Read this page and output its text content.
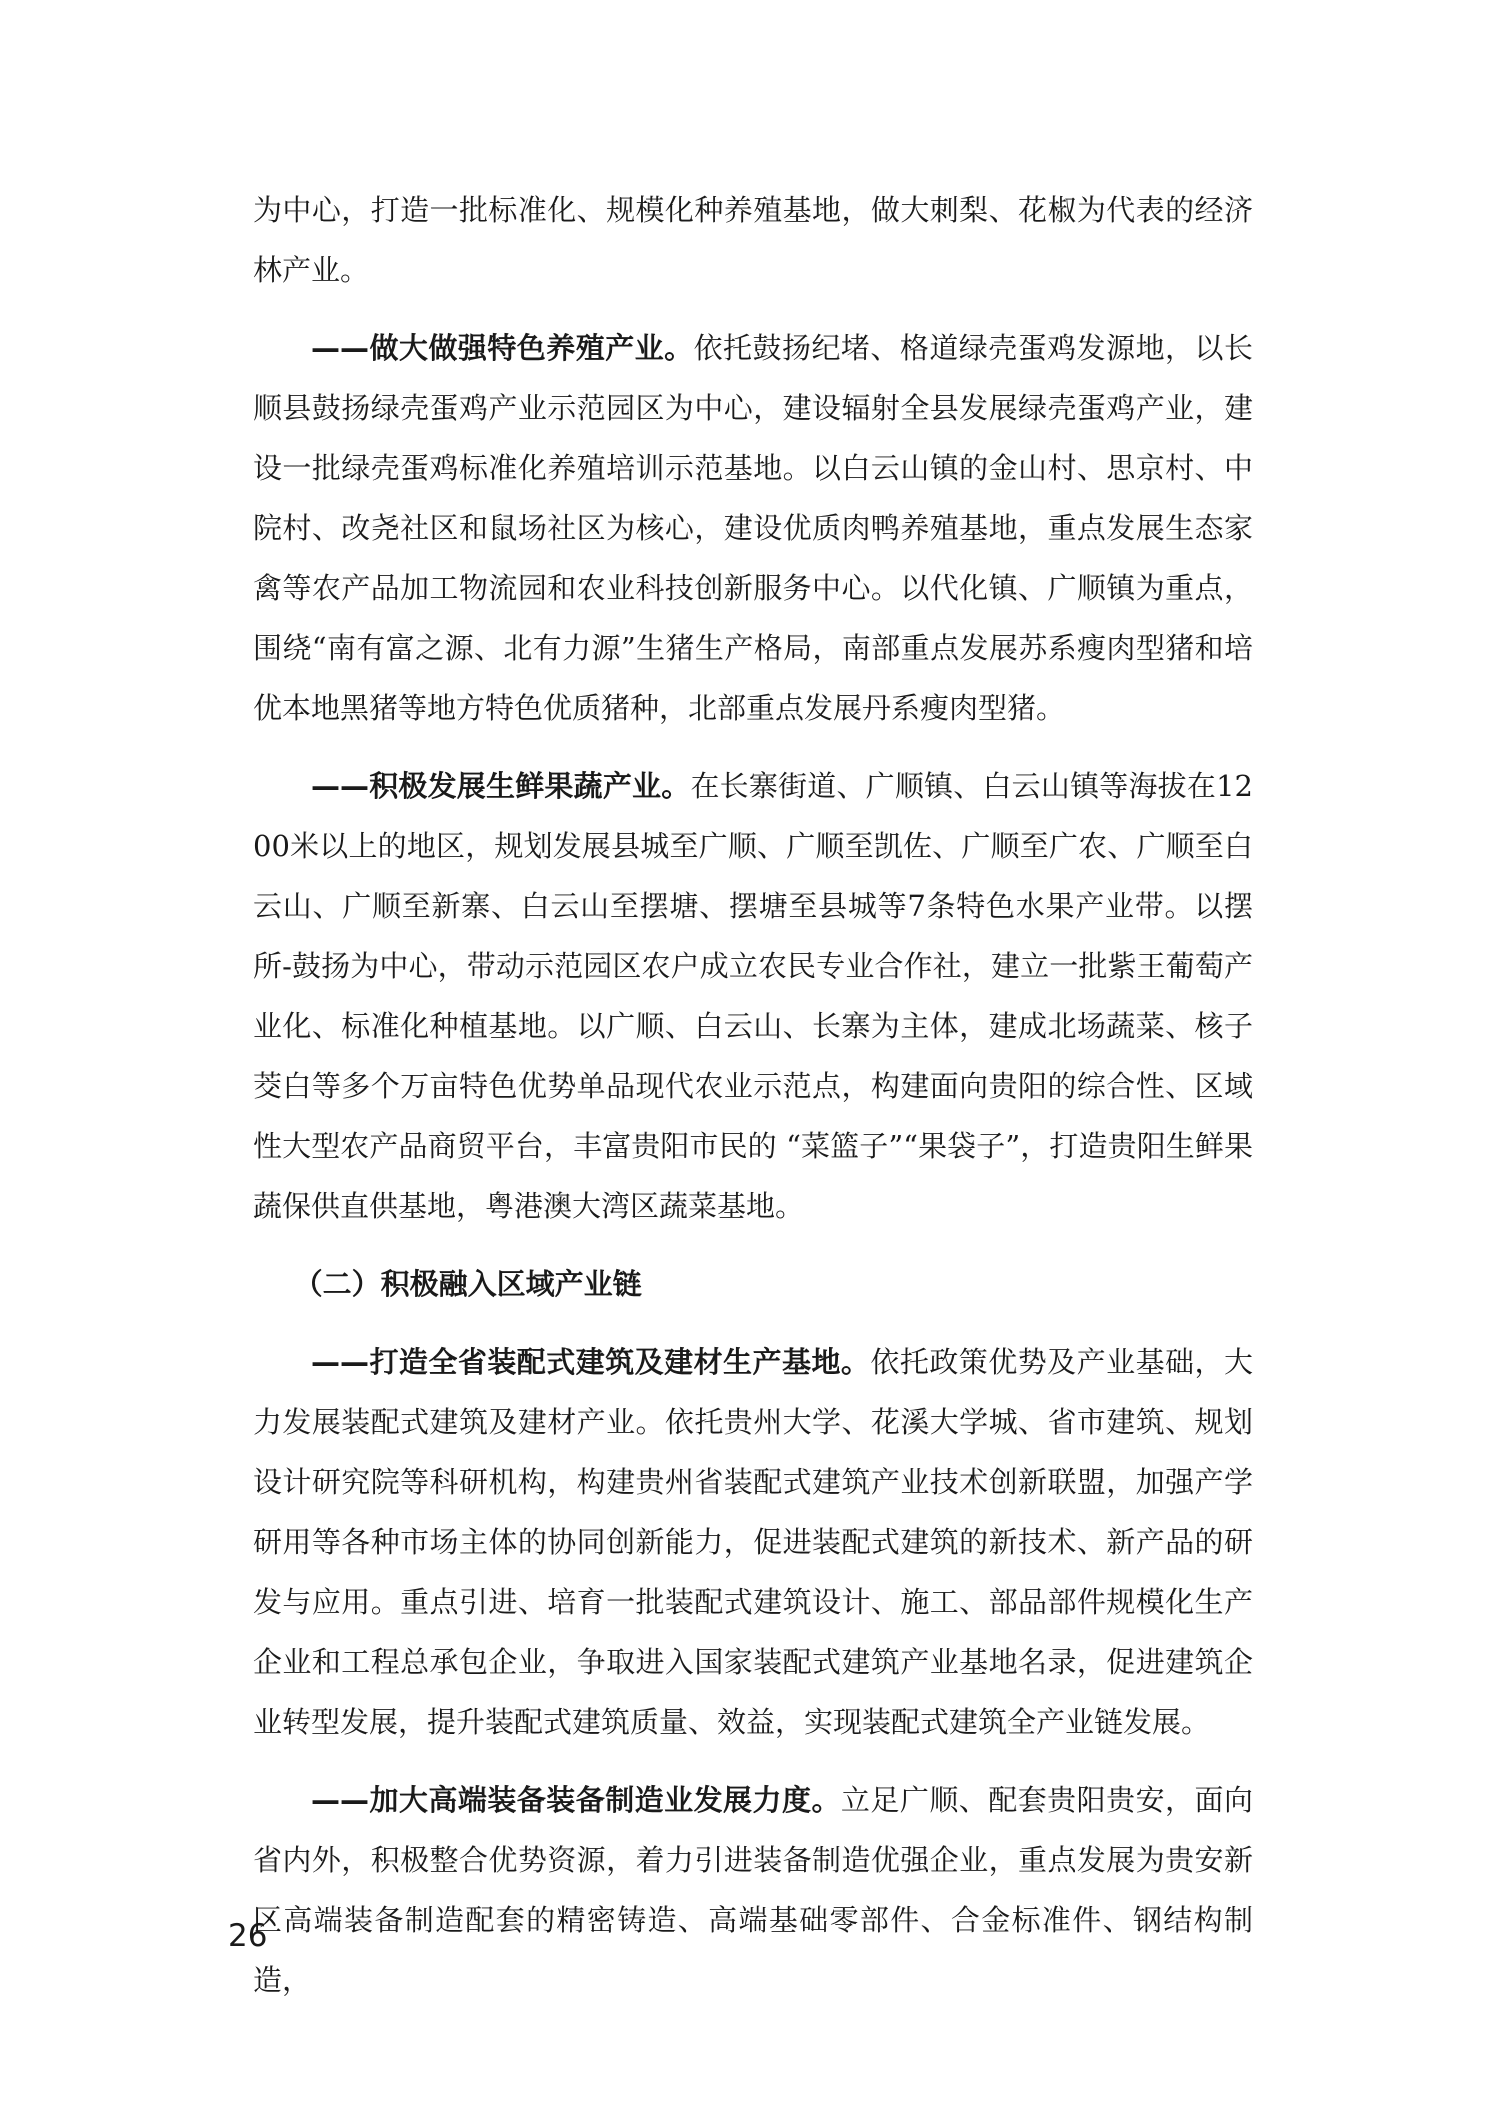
为中心，打造一批标准化、规模化种养殖基地，做大刺梨、花椒为代表的经济林产业。

——做大做强特色养殖产业。依托鼓扬纪堵、格道绿壳蛋鸡发源地，以长顺县鼓扬绿壳蛋鸡产业示范园区为中心，建设辐射全县发展绿壳蛋鸡产业，建设一批绿壳蛋鸡标准化养殖培训示范基地。以白云山镇的金山村、思京村、中院村、改尧社区和鼠场社区为核心，建设优质肉鸭养殖基地，重点发展生态家禽等农产品加工物流园和农业科技创新服务中心。以代化镇、广顺镇为重点，围绕“南有富之源、北有力源”生猪生产格局，南部重点发展苏系瘦肉型猪和培优本地黑猪等地方特色优质猪种，北部重点发展丹系瘦肉型猪。

——积极发展生鲜果蔬产业。在长寨街道、广顺镇、白云山镇等海拔在1200米以上的地区，规划发展县城至广顺、广顺至凯佐、广顺至广农、广顺至白云山、广顺至新寨、白云山至摆塘、摆塘至县城等7条特色水果产业带。以摆所-鼓扬为中心，带动示范园区农户成立农民专业合作社，建立一批紫王葡萄产业化、标准化种植基地。以广顺、白云山、长寨为主体，建成北场蔬菜、核子茭白等多个万亩特色优势单品现代农业示范点，构建面向贵阳的综合性、区域性大型农产品商贸平台，丰富贵阳市民的 “菜篮子”“果袋子”，打造贵阳生鲜果蔬保供直供基地，粤港澳大湾区蔬菜基地。

（二）积极融入区域产业链

——打造全省装配式建筑及建材生产基地。依托政策优势及产业基础，大力发展装配式建筑及建材产业。依托贵州大学、花溪大学城、省市建筑、规划设计研究院等科研机构，构建贵州省装配式建筑产业技术创新联盟，加强产学研用等各种市场主体的协同创新能力，促进装配式建筑的新技术、新产品的研发与应用。重点引进、培育一批装配式建筑设计、施工、部品部件规模化生产企业和工程总承包企业，争取进入国家装配式建筑产业基地名录，促进建筑企业转型发展，提升装配式建筑质量、效益，实现装配式建筑全产业链发展。

——加大高端装备装备制造业发展力度。立足广顺、配套贵阳贵安，面向省内外，积极整合优势资源，着力引进装备制造优强企业，重点发展为贵安新区高端装备制造配套的精密铸造、高端基础零部件、合金标准件、钢结构制造，

26
